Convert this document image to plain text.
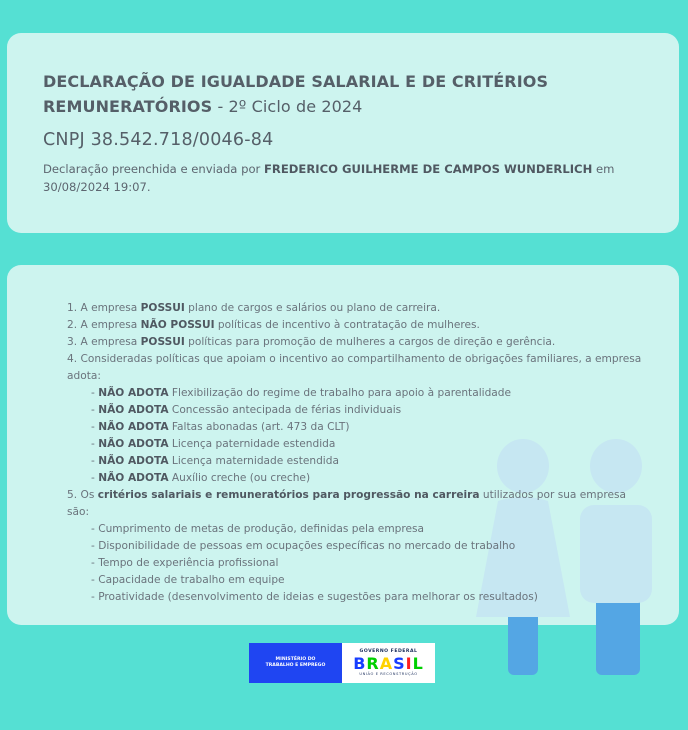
DECLARAÇÃO DE IGUALDADE SALARIAL E DE CRITÉRIOS REMUNERATÓRIOS - 2º Ciclo de 2024
CNPJ 38.542.718/0046-84
Declaração preenchida e enviada por FREDERICO GUILHERME DE CAMPOS WUNDERLICH em 30/08/2024 19:07.
1. A empresa POSSUI plano de cargos e salários ou plano de carreira.
2. A empresa NÃO POSSUI políticas de incentivo à contratação de mulheres.
3. A empresa POSSUI políticas para promoção de mulheres a cargos de direção e gerência.
4. Consideradas políticas que apoiam o incentivo ao compartilhamento de obrigações familiares, a empresa adota:
- NÃO ADOTA Flexibilização do regime de trabalho para apoio à parentalidade
- NÃO ADOTA Concessão antecipada de férias individuais
- NÃO ADOTA Faltas abonadas (art. 473 da CLT)
- NÃO ADOTA Licença paternidade estendida
- NÃO ADOTA Licença maternidade estendida
- NÃO ADOTA Auxílio creche (ou creche)
5. Os critérios salariais e remuneratórios para progressão na carreira utilizados por sua empresa são:
- Cumprimento de metas de produção, definidas pela empresa
- Disponibilidade de pessoas em ocupações específicas no mercado de trabalho
- Tempo de experiência profissional
- Capacidade de trabalho em equipe
- Proatividade (desenvolvimento de ideias e sugestões para melhorar os resultados)
MINISTÉRIO DO TRABALHO E EMPREGO
GOVERNO FEDERAL
BRASIL
UNIÃO E RECONSTRUÇÃO
